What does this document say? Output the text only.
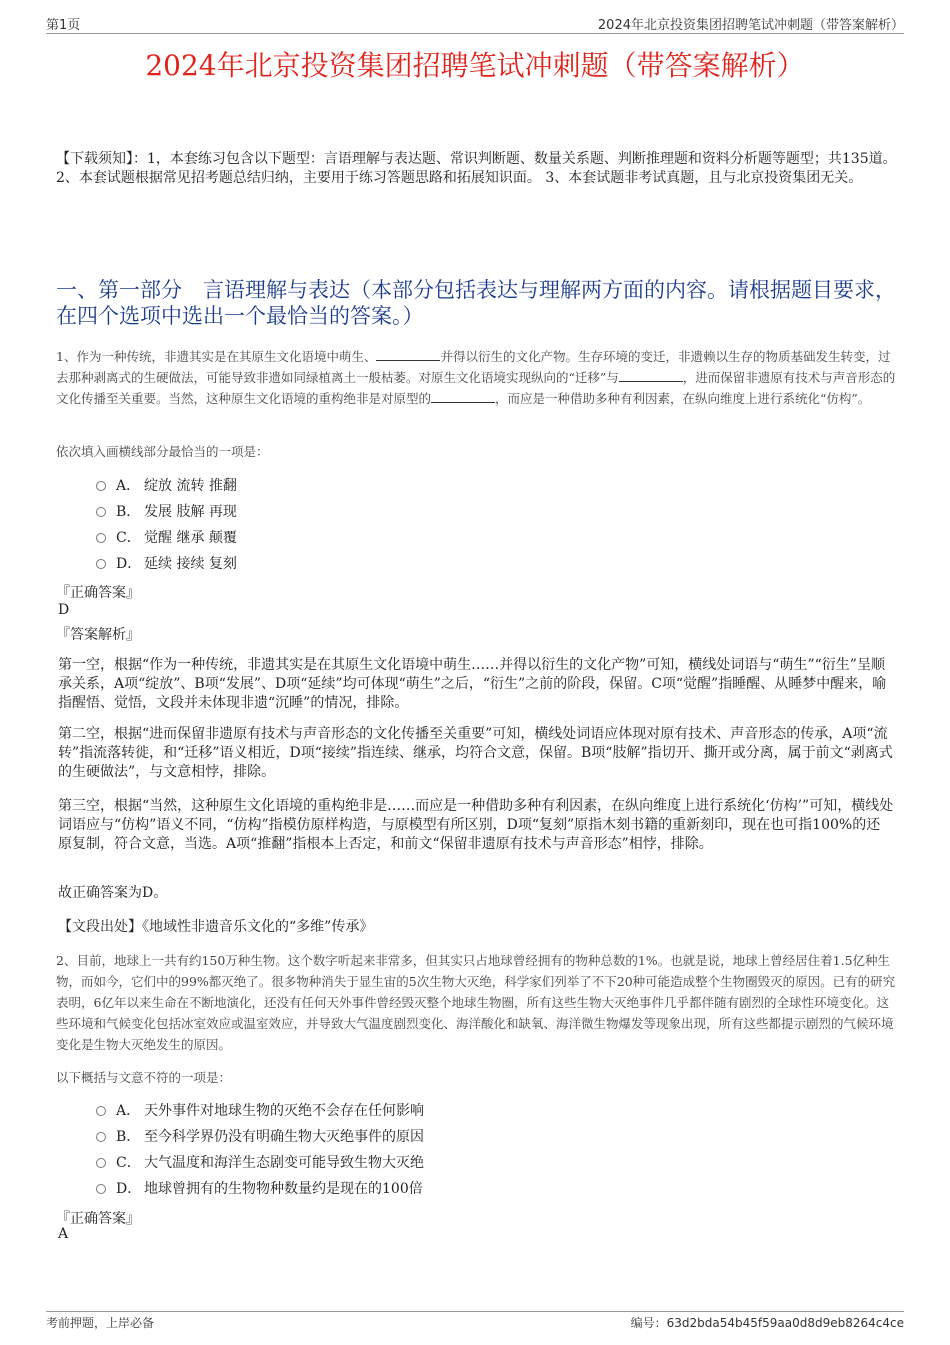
第1页	2024年北京投资集团招聘笔试冲刺题（带答案解析）
2024年北京投资集团招聘笔试冲刺题（带答案解析）
【下载须知】：1，本套练习包含以下题型：言语理解与表达题、常识判断题、数量关系题、判断推理题和资料分析题等题型；共135道。 2、本套试题根据常见招考题总结归纳，主要用于练习答题思路和拓展知识面。 3、本套试题非考试真题，且与北京投资集团无关。
一、第一部分　言语理解与表达（本部分包括表达与理解两方面的内容。请根据题目要求，在四个选项中选出一个最恰当的答案。）
1、作为一种传统，非遗其实是在其原生文化语境中萌生、	并得以衍生的文化产物。生存环境的变迁，非遗赖以生存的物质基础发生转变，过去那种剥离式的生硬做法，可能导致非遗如同绿植离土一般枯萎。对原生文化语境实现纵向的“迁移”与	，进而保留非遗原有技术与声音形态的文化传播至关重要。当然，这种原生文化语境的重构绝非是对原型的	，而应是一种借助多种有利因素，在纵向维度上进行系统化“仿构”。
依次填入画横线部分最恰当的一项是：
A． 绽放 流转 推翻
B． 发展 肢解 再现
C． 觉醒 继承 颠覆
D． 延续 接续 复刻
『正确答案』
D
『答案解析』
第一空，根据“作为一种传统，非遗其实是在其原生文化语境中萌生……并得以衍生的文化产物”可知，横线处词语与“萌生”“衍生”呈顺承关系，A项“绽放”、B项“发展”、D项“延续”均可体现“萌生”之后，“衍生”之前的阶段，保留。C项“觉醒”指睡醒、从睡梦中醒来，喻指醒悟、觉悟，文段并未体现非遗“沉睡”的情况，排除。
第二空，根据“进而保留非遗原有技术与声音形态的文化传播至关重要”可知，横线处词语应体现对原有技术、声音形态的传承，A项“流转”指流落转徙，和“迁移”语义相近，D项“接续”指连续、继承，均符合文意，保留。B项“肢解”指切开、撕开或分离，属于前文“剥离式的生硬做法”，与文意相悖，排除。
第三空，根据“当然，这种原生文化语境的重构绝非是……而应是一种借助多种有利因素，在纵向维度上进行系统化‘仿构’”可知，横线处词语应与“仿构”语义不同，“仿构”指模仿原样构造，与原模型有所区别，D项“复刻”原指木刻书籍的重新刻印，现在也可指100%的还原复制，符合文意，当选。A项“推翻”指根本上否定，和前文“保留非遗原有技术与声音形态”相悖，排除。
故正确答案为D。
【文段出处】《地域性非遗音乐文化的“多维”传承》
2、目前，地球上一共有约150万种生物。这个数字听起来非常多，但其实只占地球曾经拥有的物种总数的1%。也就是说，地球上曾经居住着1.5亿种生物，而如今，它们中的99%都灭绝了。很多物种消失于显生宙的5次生物大灭绝，科学家们列举了不下20种可能造成整个生物圈毁灭的原因。已有的研究表明，6亿年以来生命在不断地演化，还没有任何天外事件曾经毁灭整个地球生物圈，所有这些生物大灭绝事件几乎都伴随有剧烈的全球性环境变化。这些环境和气候变化包括冰室效应或温室效应，并导致大气温度剧烈变化、海洋酸化和缺氧、海洋微生物爆发等现象出现，所有这些都提示剧烈的气候环境变化是生物大灭绝发生的原因。
以下概括与文意不符的一项是：
A． 天外事件对地球生物的灭绝不会存在任何影响
B． 至今科学界仍没有明确生物大灭绝事件的原因
C． 大气温度和海洋生态剧变可能导致生物大灭绝
D． 地球曾拥有的生物物种数量约是现在的100倍
『正确答案』
A
考前押题，上岸必备	编号：63d2bda54b45f59aa0d8d9eb8264c4ce
